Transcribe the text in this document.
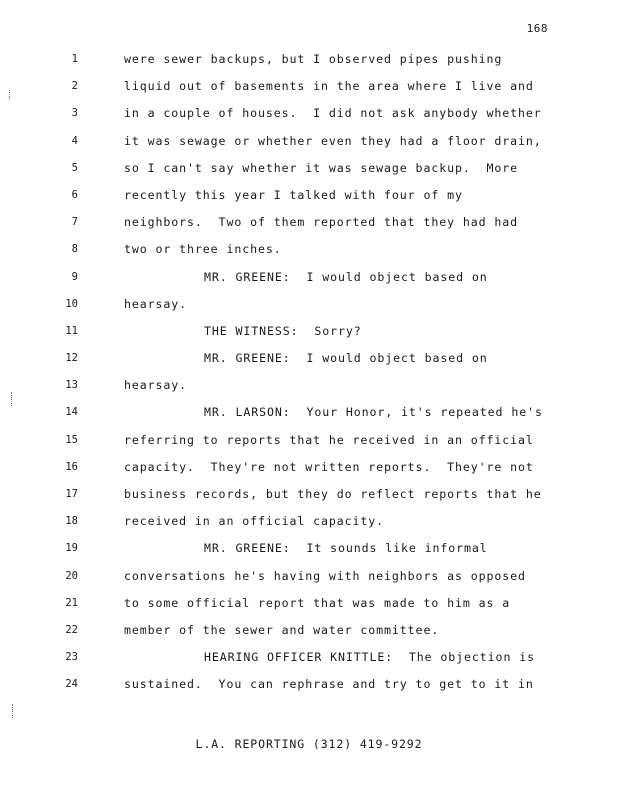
168
1	were sewer backups, but I observed pipes pushing
2	liquid out of basements in the area where I live and
3	in a couple of houses.  I did not ask anybody whether
4	it was sewage or whether even they had a floor drain,
5	so I can't say whether it was sewage backup.  More
6	recently this year I talked with four of my
7	neighbors.  Two of them reported that they had had
8	two or three inches.
9	MR. GREENE:  I would object based on
10	hearsay.
11	THE WITNESS:  Sorry?
12	MR. GREENE:  I would object based on
13	hearsay.
14	MR. LARSON:  Your Honor, it's repeated he's
15	referring to reports that he received in an official
16	capacity.  They're not written reports.  They're not
17	business records, but they do reflect reports that he
18	received in an official capacity.
19	MR. GREENE:  It sounds like informal
20	conversations he's having with neighbors as opposed
21	to some official report that was made to him as a
22	member of the sewer and water committee.
23	HEARING OFFICER KNITTLE:  The objection is
24	sustained.  You can rephrase and try to get to it in
L.A. REPORTING (312) 419-9292
